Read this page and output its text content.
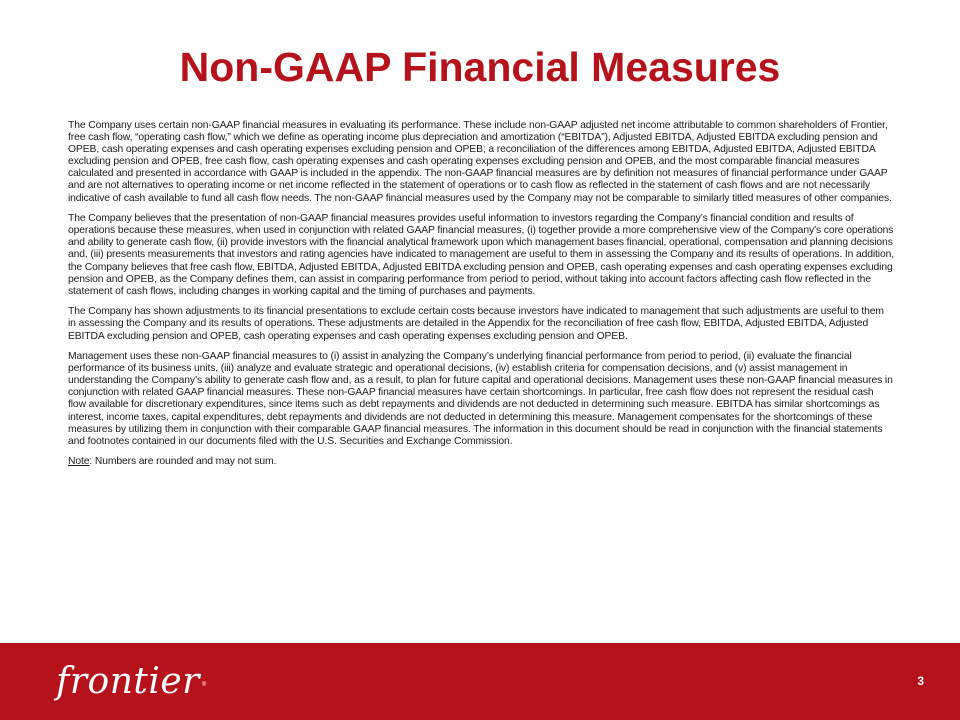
Non-GAAP Financial Measures

The Company uses certain non-GAAP financial measures in evaluating its performance. These include non-GAAP adjusted net income attributable to common shareholders of Frontier, free cash flow, “operating cash flow,” which we define as operating income plus depreciation and amortization (“EBITDA”), Adjusted EBITDA, Adjusted EBITDA excluding pension and OPEB, cash operating expenses and cash operating expenses excluding pension and OPEB; a reconciliation of the differences among EBITDA, Adjusted EBITDA, Adjusted EBITDA excluding pension and OPEB, free cash flow, cash operating expenses and cash operating expenses excluding pension and OPEB, and the most comparable financial measures calculated and presented in accordance with GAAP is included in the appendix. The non-GAAP financial measures are by definition not measures of financial performance under GAAP and are not alternatives to operating income or net income reflected in the statement of operations or to cash flow as reflected in the statement of cash flows and are not necessarily indicative of cash available to fund all cash flow needs. The non-GAAP financial measures used by the Company may not be comparable to similarly titled measures of other companies.

The Company believes that the presentation of non-GAAP financial measures provides useful information to investors regarding the Company’s financial condition and results of operations because these measures, when used in conjunction with related GAAP financial measures, (i) together provide a more comprehensive view of the Company’s core operations and ability to generate cash flow, (ii) provide investors with the financial analytical framework upon which management bases financial, operational, compensation and planning decisions and, (iii) presents measurements that investors and rating agencies have indicated to management are useful to them in assessing the Company and its results of operations. In addition, the Company believes that free cash flow, EBITDA, Adjusted EBITDA, Adjusted EBITDA excluding pension and OPEB, cash operating expenses and cash operating expenses excluding pension and OPEB, as the Company defines them, can assist in comparing performance from period to period, without taking into account factors affecting cash flow reflected in the statement of cash flows, including changes in working capital and the timing of purchases and payments.

The Company has shown adjustments to its financial presentations to exclude certain costs because investors have indicated to management that such adjustments are useful to them in assessing the Company and its results of operations. These adjustments are detailed in the Appendix for the reconciliation of free cash flow, EBITDA, Adjusted EBITDA, Adjusted EBITDA excluding pension and OPEB, cash operating expenses and cash operating expenses excluding pension and OPEB.

Management uses these non-GAAP financial measures to (i) assist in analyzing the Company’s underlying financial performance from period to period, (ii) evaluate the financial performance of its business units, (iii) analyze and evaluate strategic and operational decisions, (iv) establish criteria for compensation decisions, and (v) assist management in understanding the Company’s ability to generate cash flow and, as a result, to plan for future capital and operational decisions. Management uses these non-GAAP financial measures in conjunction with related GAAP financial measures. These non-GAAP financial measures have certain shortcomings. In particular, free cash flow does not represent the residual cash flow available for discretionary expenditures, since items such as debt repayments and dividends are not deducted in determining such measure. EBITDA has similar shortcomings as interest, income taxes, capital expenditures, debt repayments and dividends are not deducted in determining this measure. Management compensates for the shortcomings of these measures by utilizing them in conjunction with their comparable GAAP financial measures. The information in this document should be read in conjunction with the financial statements and footnotes contained in our documents filed with the U.S. Securities and Exchange Commission.

Note: Numbers are rounded and may not sum.

frontier ®	3
